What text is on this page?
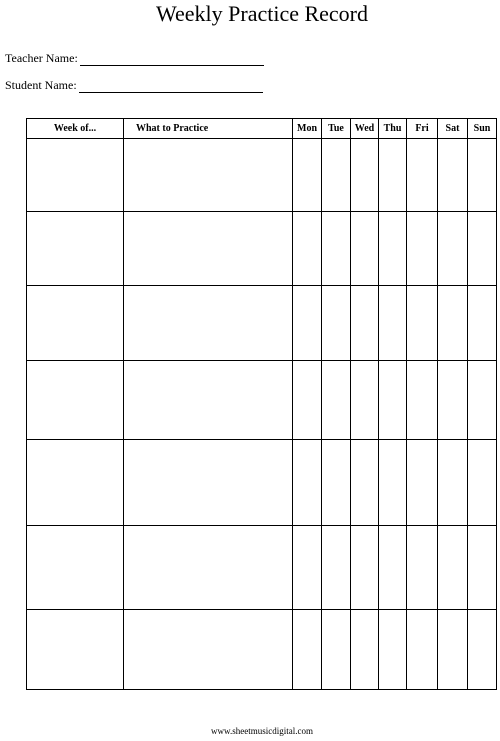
Weekly Practice Record
Teacher Name:
Student Name:
Week of...	What to Practice	Mon	Tue	Wed	Thu	Fri	Sat	Sun

www.sheetmusicdigital.com
